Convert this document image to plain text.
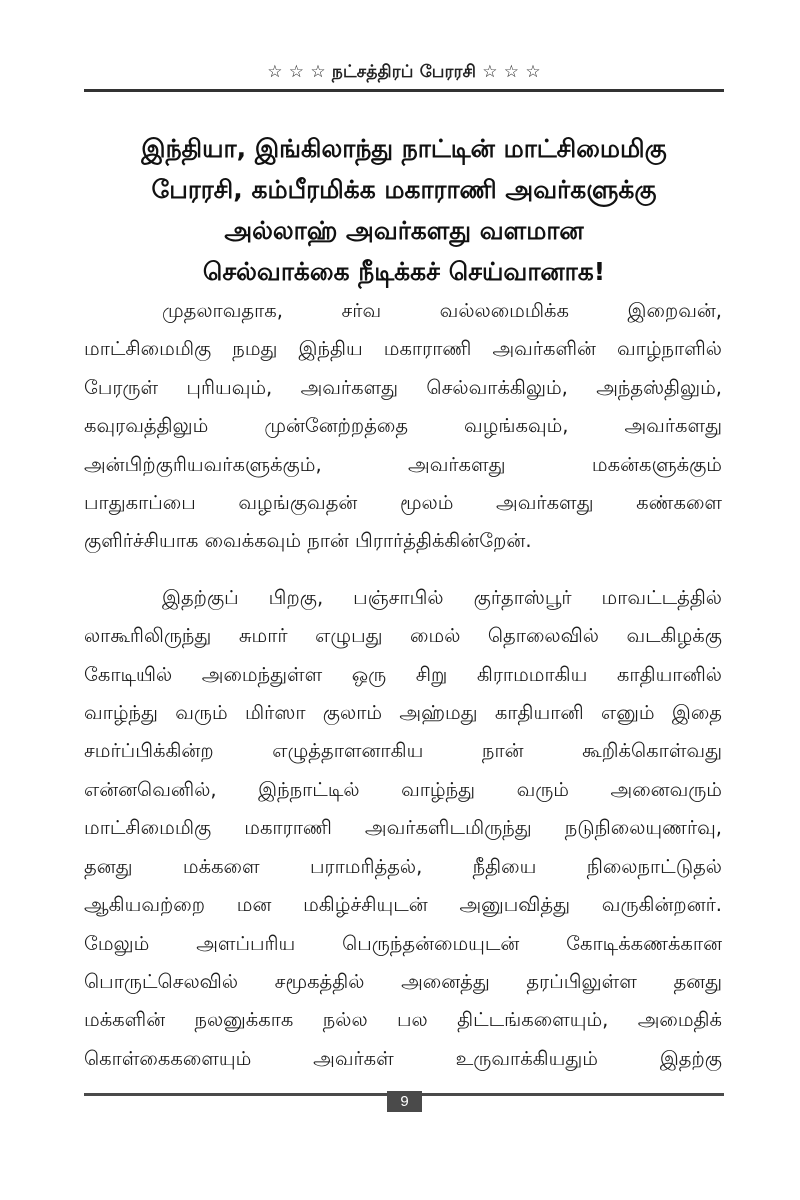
☆ ☆ ☆ நட்சத்திரப் பேரரசி ☆ ☆ ☆
இந்தியா, இங்கிலாந்து நாட்டின் மாட்சிமைமிகு
பேரரசி, கம்பீரமிக்க மகாராணி அவர்களுக்கு
அல்லாஹ் அவர்களது வளமான
செல்வாக்கை நீடிக்கச் செய்வானாக!
முதலாவதாக, சர்வ வல்லமைமிக்க இறைவன்,
மாட்சிமைமிகு நமது இந்திய மகாராணி அவர்களின் வாழ்நாளில்
பேரருள் புரியவும், அவர்களது செல்வாக்கிலும், அந்தஸ்திலும்,
கவுரவத்திலும் முன்னேற்றத்தை வழங்கவும், அவர்களது
அன்பிற்குரியவர்களுக்கும், அவர்களது மகன்களுக்கும்
பாதுகாப்பை வழங்குவதன் மூலம் அவர்களது கண்களை
குளிர்ச்சியாக வைக்கவும் நான் பிரார்த்திக்கின்றேன்.
இதற்குப் பிறகு, பஞ்சாபில் குர்தாஸ்பூர் மாவட்டத்தில்
லாகூரிலிருந்து சுமார் எழுபது மைல் தொலைவில் வடகிழக்கு
கோடியில் அமைந்துள்ள ஒரு சிறு கிராமமாகிய காதியானில்
வாழ்ந்து வரும் மிர்ஸா குலாம் அஹ்மது காதியானி எனும் இதை
சமர்ப்பிக்கின்ற எழுத்தாளனாகிய நான் கூறிக்கொள்வது
என்னவெனில், இந்நாட்டில் வாழ்ந்து வரும் அனைவரும்
மாட்சிமைமிகு மகாராணி அவர்களிடமிருந்து நடுநிலையுணர்வு,
தனது மக்களை பராமரித்தல், நீதியை நிலைநாட்டுதல்
ஆகியவற்றை மன மகிழ்ச்சியுடன் அனுபவித்து வருகின்றனர்.
மேலும் அளப்பரிய பெருந்தன்மையுடன் கோடிக்கணக்கான
பொருட்செலவில் சமூகத்தில் அனைத்து தரப்பிலுள்ள தனது
மக்களின் நலனுக்காக நல்ல பல திட்டங்களையும், அமைதிக்
கொள்கைகளையும் அவர்கள் உருவாக்கியதும் இதற்கு
9
